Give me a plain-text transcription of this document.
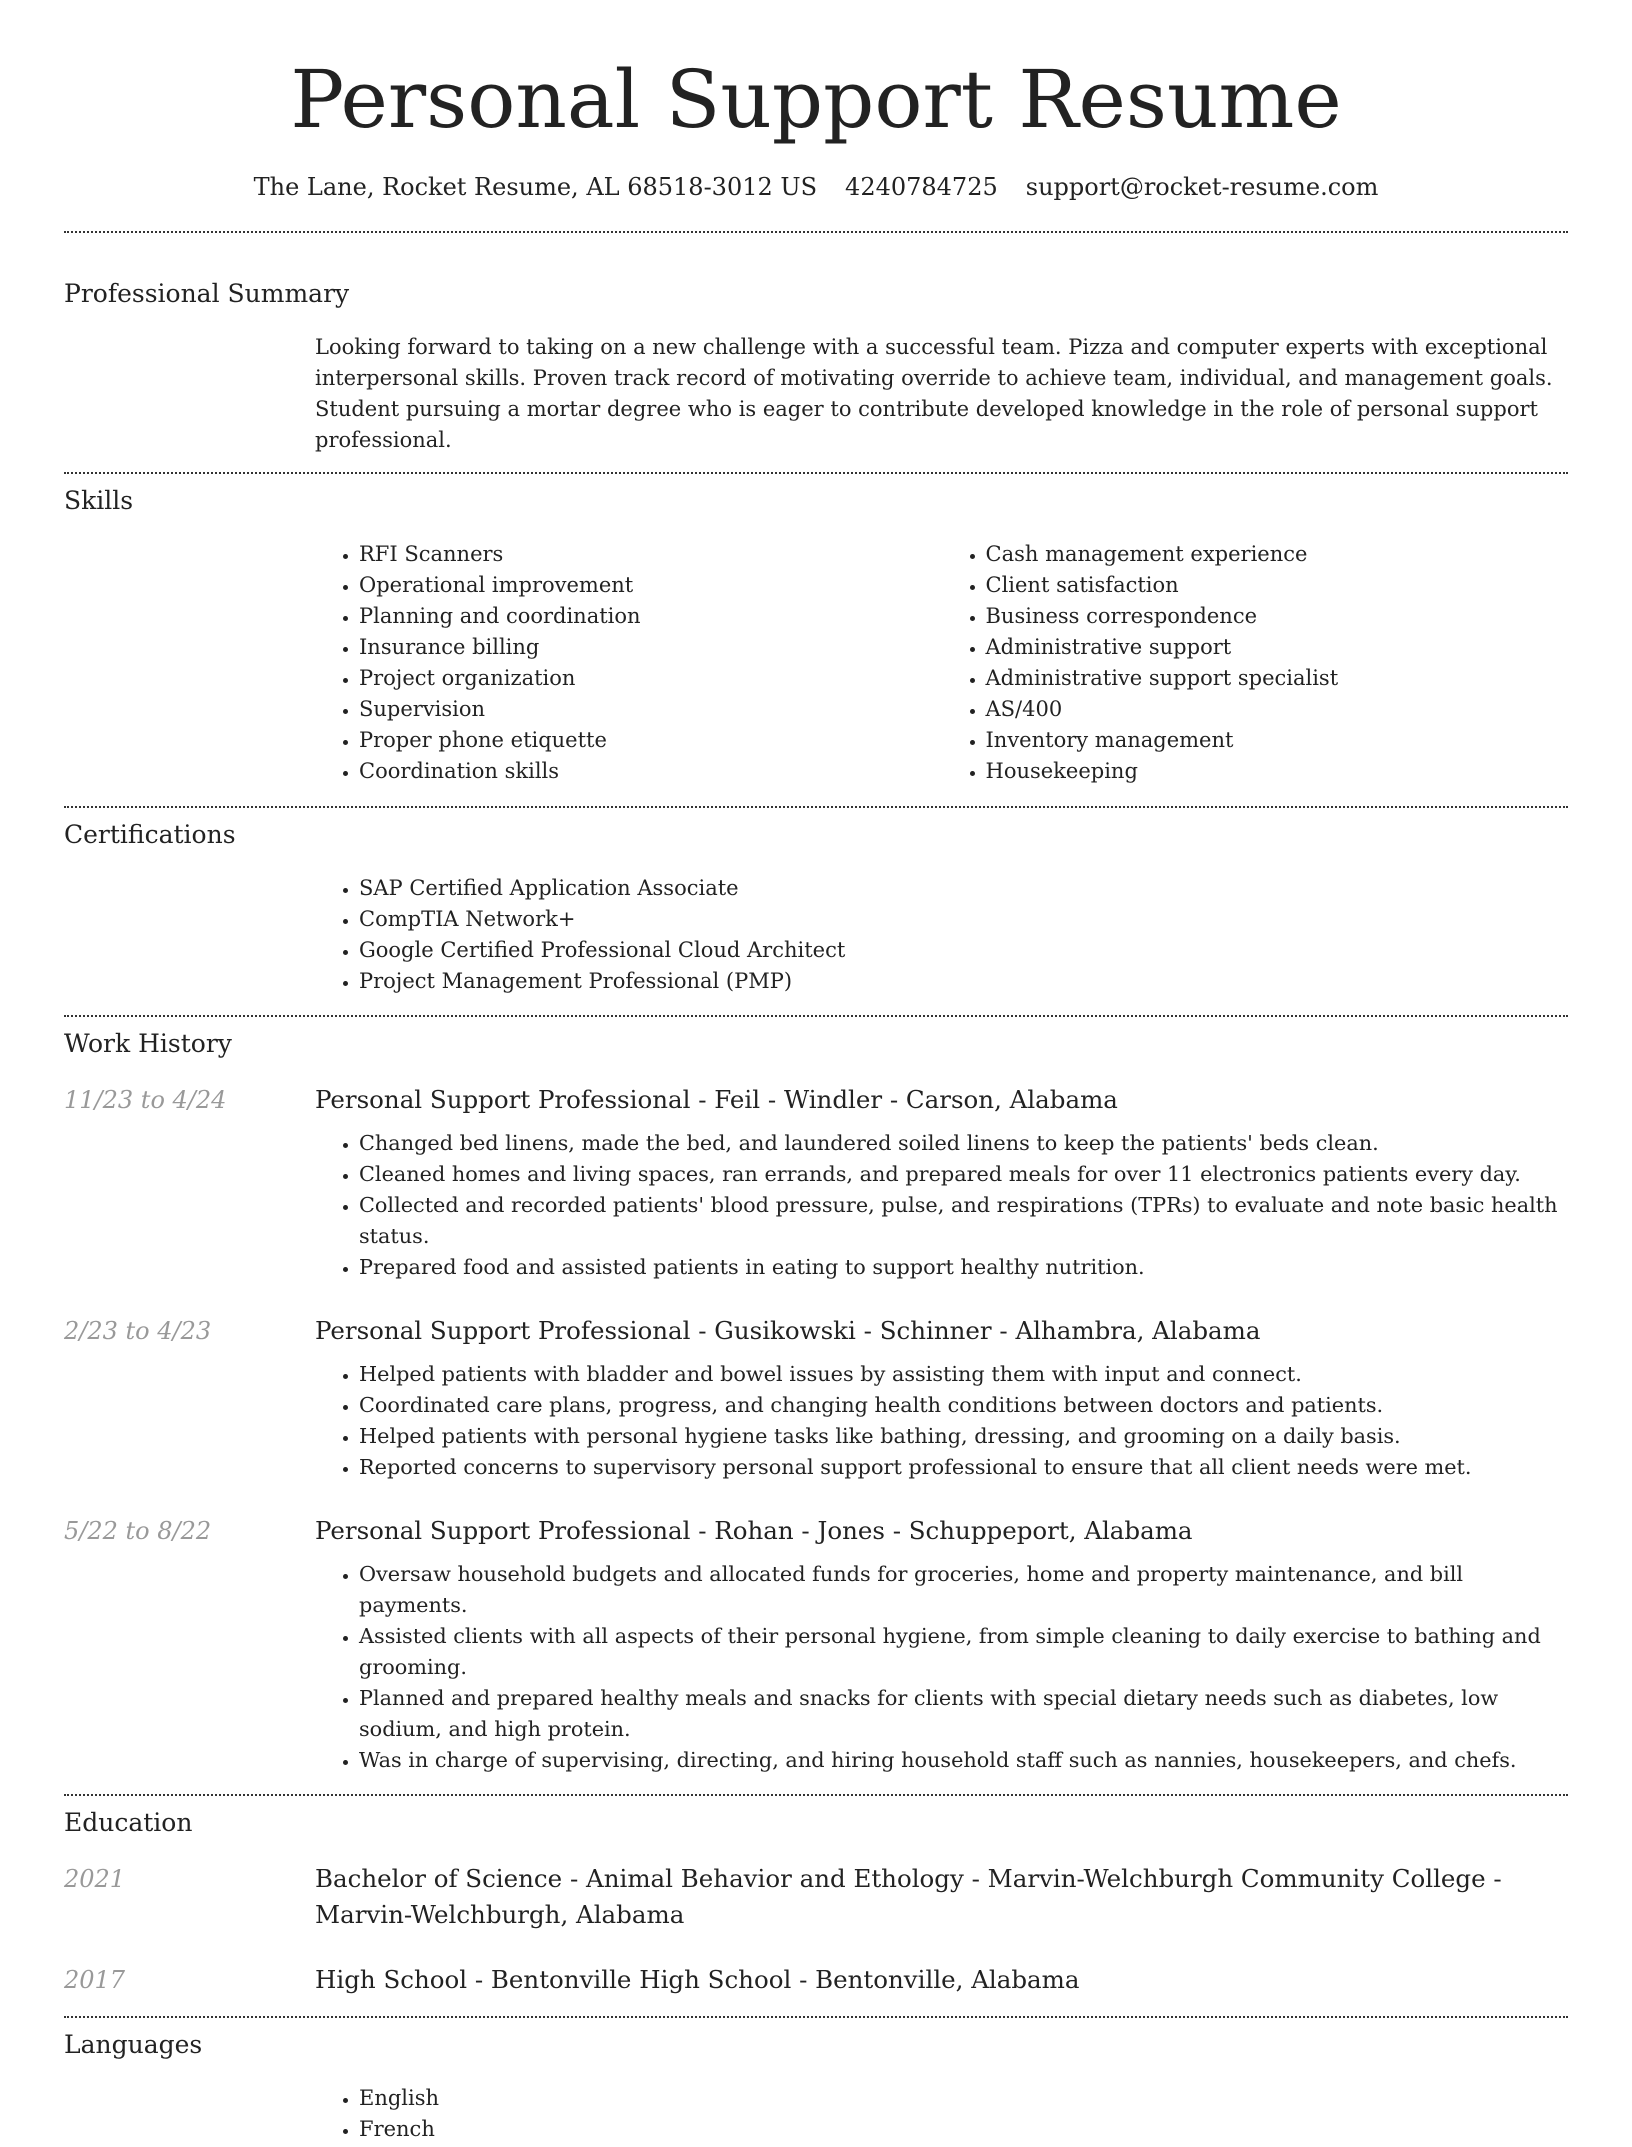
Personal Support Resume
The Lane, Rocket Resume, AL 68518-3012 US 4240784725 support@rocket-resume.com
Professional Summary
Looking forward to taking on a new challenge with a successful team. Pizza and computer experts with exceptional interpersonal skills. Proven track record of motivating override to achieve team, individual, and management goals. Student pursuing a mortar degree who is eager to contribute developed knowledge in the role of personal support professional.
Skills
• RFI Scanners
• Operational improvement
• Planning and coordination
• Insurance billing
• Project organization
• Supervision
• Proper phone etiquette
• Coordination skills
• Cash management experience
• Client satisfaction
• Business correspondence
• Administrative support
• Administrative support specialist
• AS/400
• Inventory management
• Housekeeping
Certifications
• SAP Certified Application Associate
• CompTIA Network+
• Google Certified Professional Cloud Architect
• Project Management Professional (PMP)
Work History
11/23 to 4/24	Personal Support Professional - Feil - Windler - Carson, Alabama
• Changed bed linens, made the bed, and laundered soiled linens to keep the patients' beds clean.
• Cleaned homes and living spaces, ran errands, and prepared meals for over 11 electronics patients every day.
• Collected and recorded patients' blood pressure, pulse, and respirations (TPRs) to evaluate and note basic health status.
• Prepared food and assisted patients in eating to support healthy nutrition.
2/23 to 4/23	Personal Support Professional - Gusikowski - Schinner - Alhambra, Alabama
• Helped patients with bladder and bowel issues by assisting them with input and connect.
• Coordinated care plans, progress, and changing health conditions between doctors and patients.
• Helped patients with personal hygiene tasks like bathing, dressing, and grooming on a daily basis.
• Reported concerns to supervisory personal support professional to ensure that all client needs were met.
5/22 to 8/22	Personal Support Professional - Rohan - Jones - Schuppeport, Alabama
• Oversaw household budgets and allocated funds for groceries, home and property maintenance, and bill payments.
• Assisted clients with all aspects of their personal hygiene, from simple cleaning to daily exercise to bathing and grooming.
• Planned and prepared healthy meals and snacks for clients with special dietary needs such as diabetes, low sodium, and high protein.
• Was in charge of supervising, directing, and hiring household staff such as nannies, housekeepers, and chefs.
Education
2021	Bachelor of Science - Animal Behavior and Ethology - Marvin-Welchburgh Community College - Marvin-Welchburgh, Alabama
2017	High School - Bentonville High School - Bentonville, Alabama
Languages
• English
• French
